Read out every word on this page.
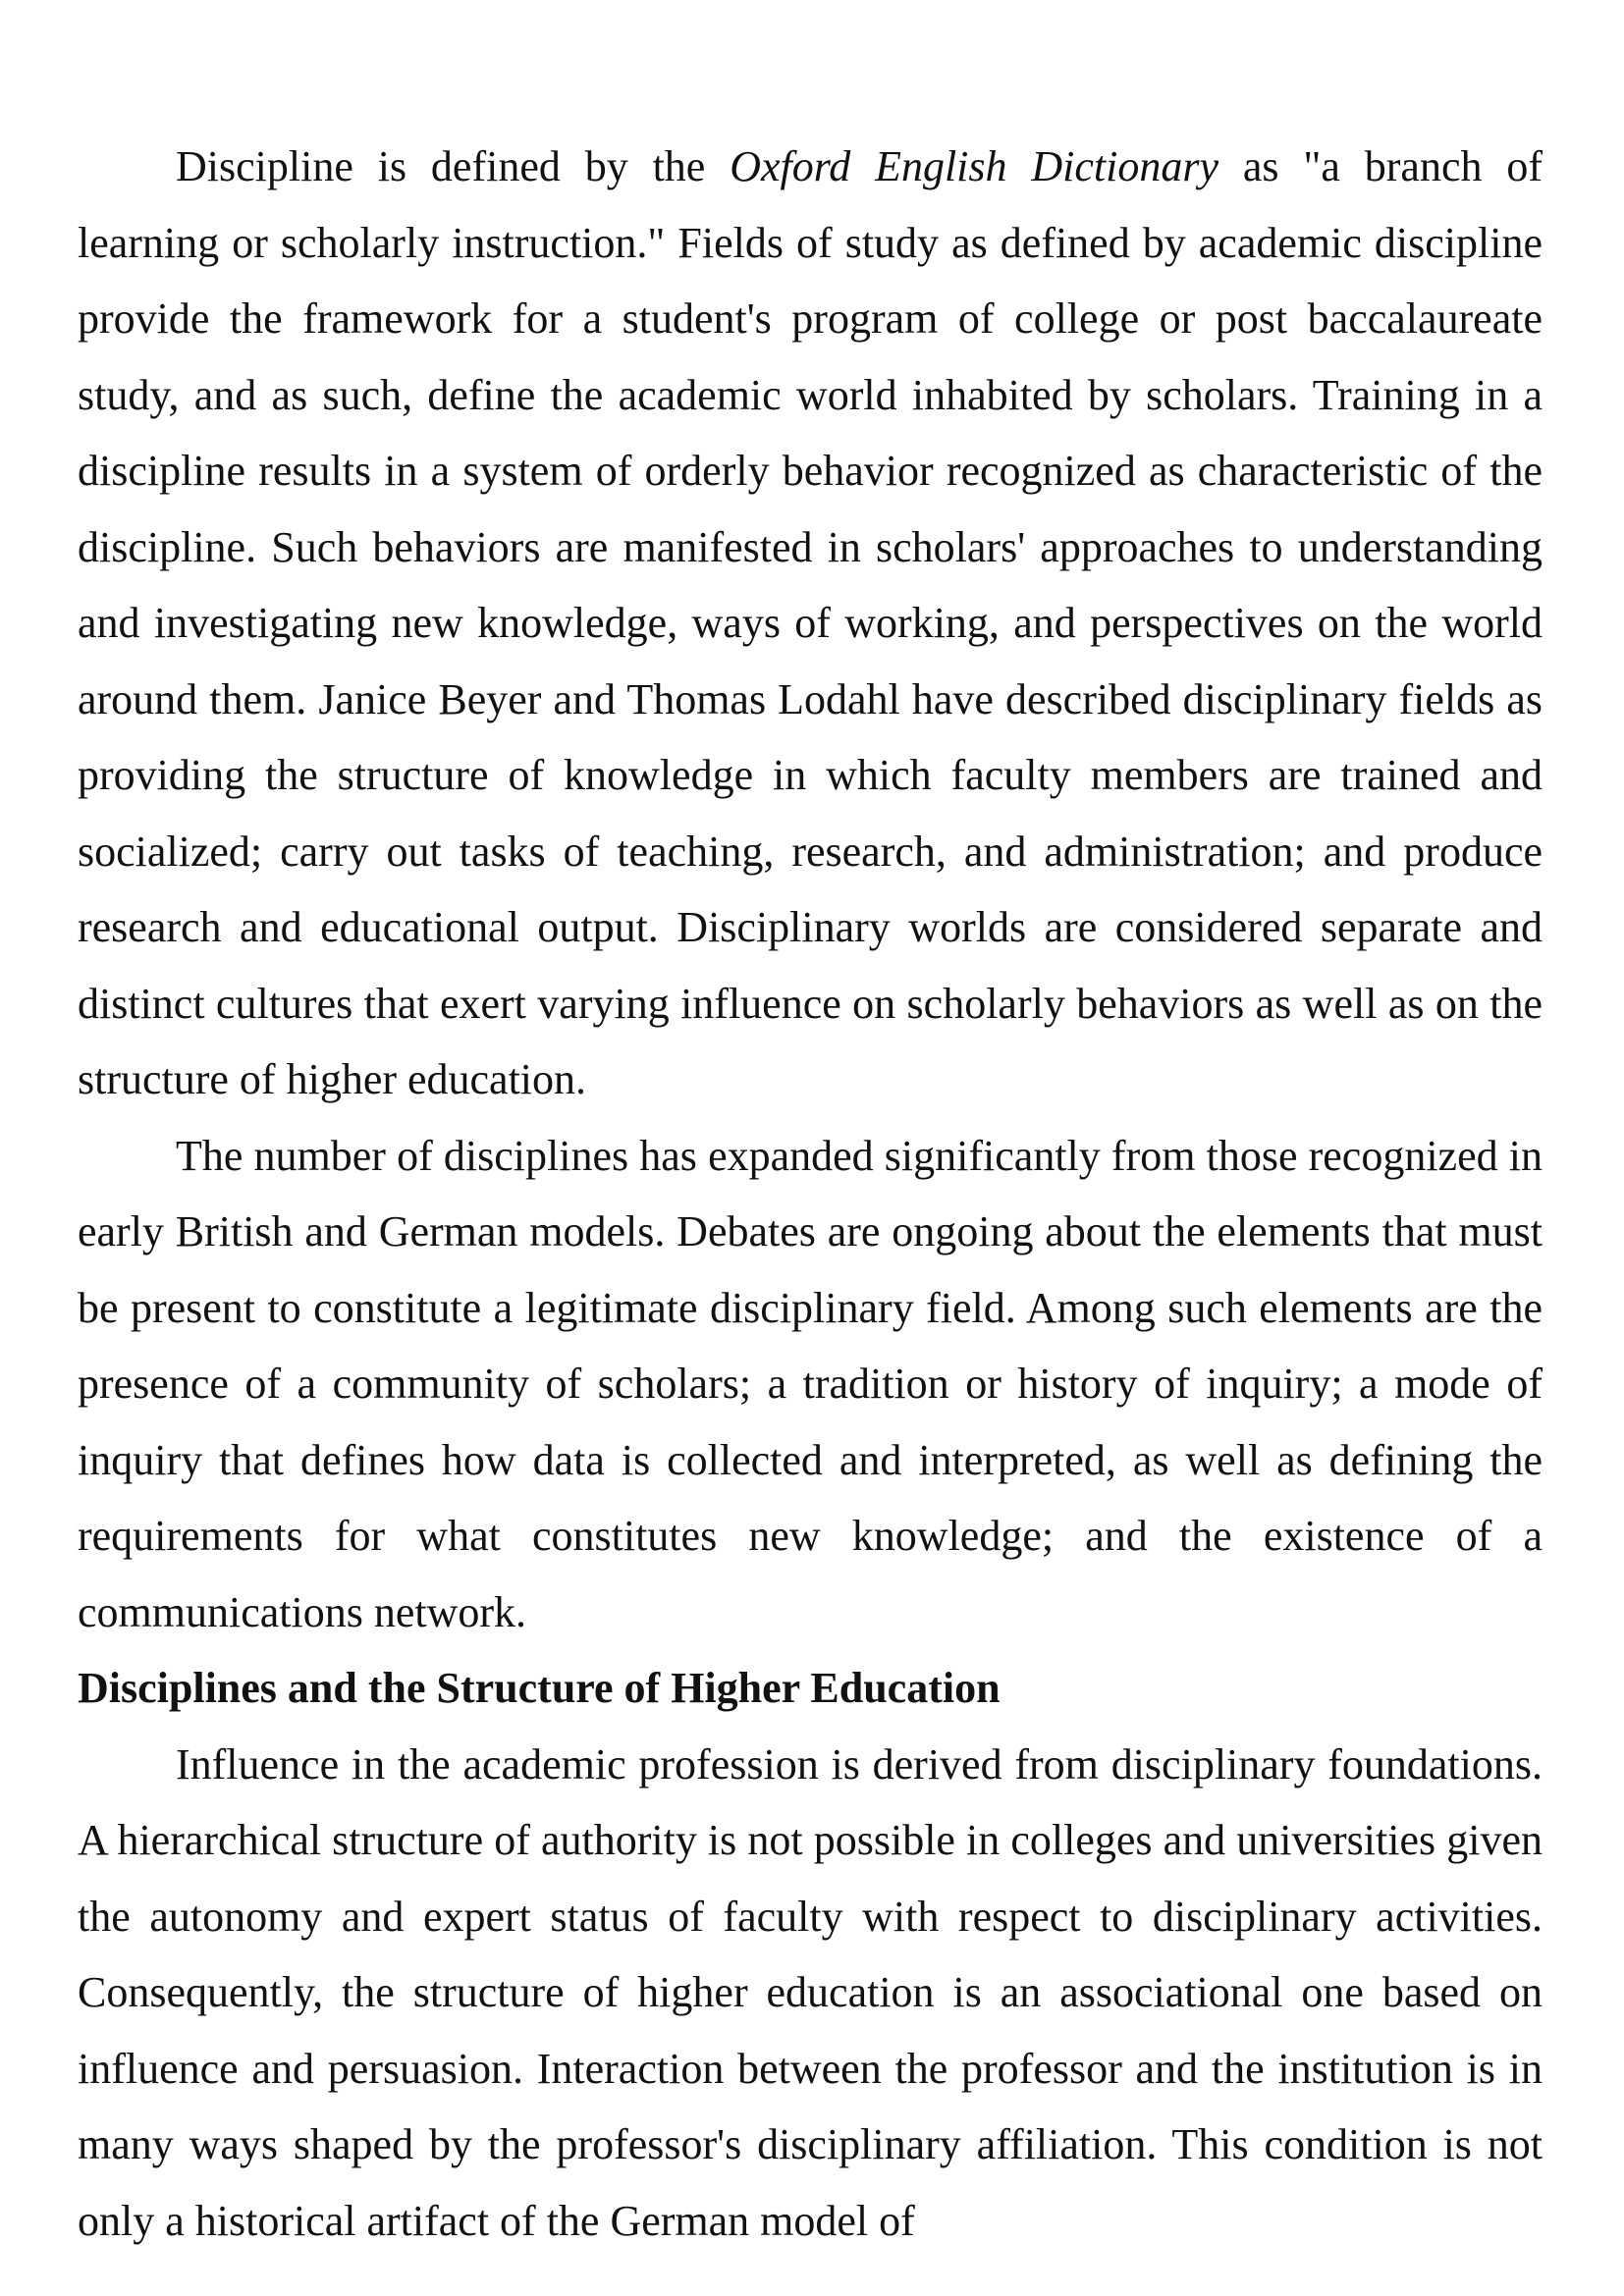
Discipline is defined by the Oxford English Dictionary as "a branch of learning or scholarly instruction." Fields of study as defined by academic discipline provide the framework for a student's program of college or post baccalaureate study, and as such, define the academic world inhabited by scholars. Training in a discipline results in a system of orderly behavior recognized as characteristic of the discipline. Such behaviors are manifested in scholars' approaches to understanding and investigating new knowledge, ways of working, and perspectives on the world around them. Janice Beyer and Thomas Lodahl have described disciplinary fields as providing the structure of knowledge in which faculty members are trained and socialized; carry out tasks of teaching, research, and administration; and produce research and educational output. Disciplinary worlds are considered separate and distinct cultures that exert varying influence on scholarly behaviors as well as on the structure of higher education.

The number of disciplines has expanded significantly from those recognized in early British and German models. Debates are ongoing about the elements that must be present to constitute a legitimate disciplinary field. Among such elements are the presence of a community of scholars; a tradition or history of inquiry; a mode of inquiry that defines how data is collected and interpreted, as well as defining the requirements for what constitutes new knowledge; and the existence of a communications network.

Disciplines and the Structure of Higher Education

Influence in the academic profession is derived from disciplinary foundations. A hierarchical structure of authority is not possible in colleges and universities given the autonomy and expert status of faculty with respect to disciplinary activities. Consequently, the structure of higher education is an associational one based on influence and persuasion. Interaction between the professor and the institution is in many ways shaped by the professor's disciplinary affiliation. This condition is not only a historical artifact of the German model of
